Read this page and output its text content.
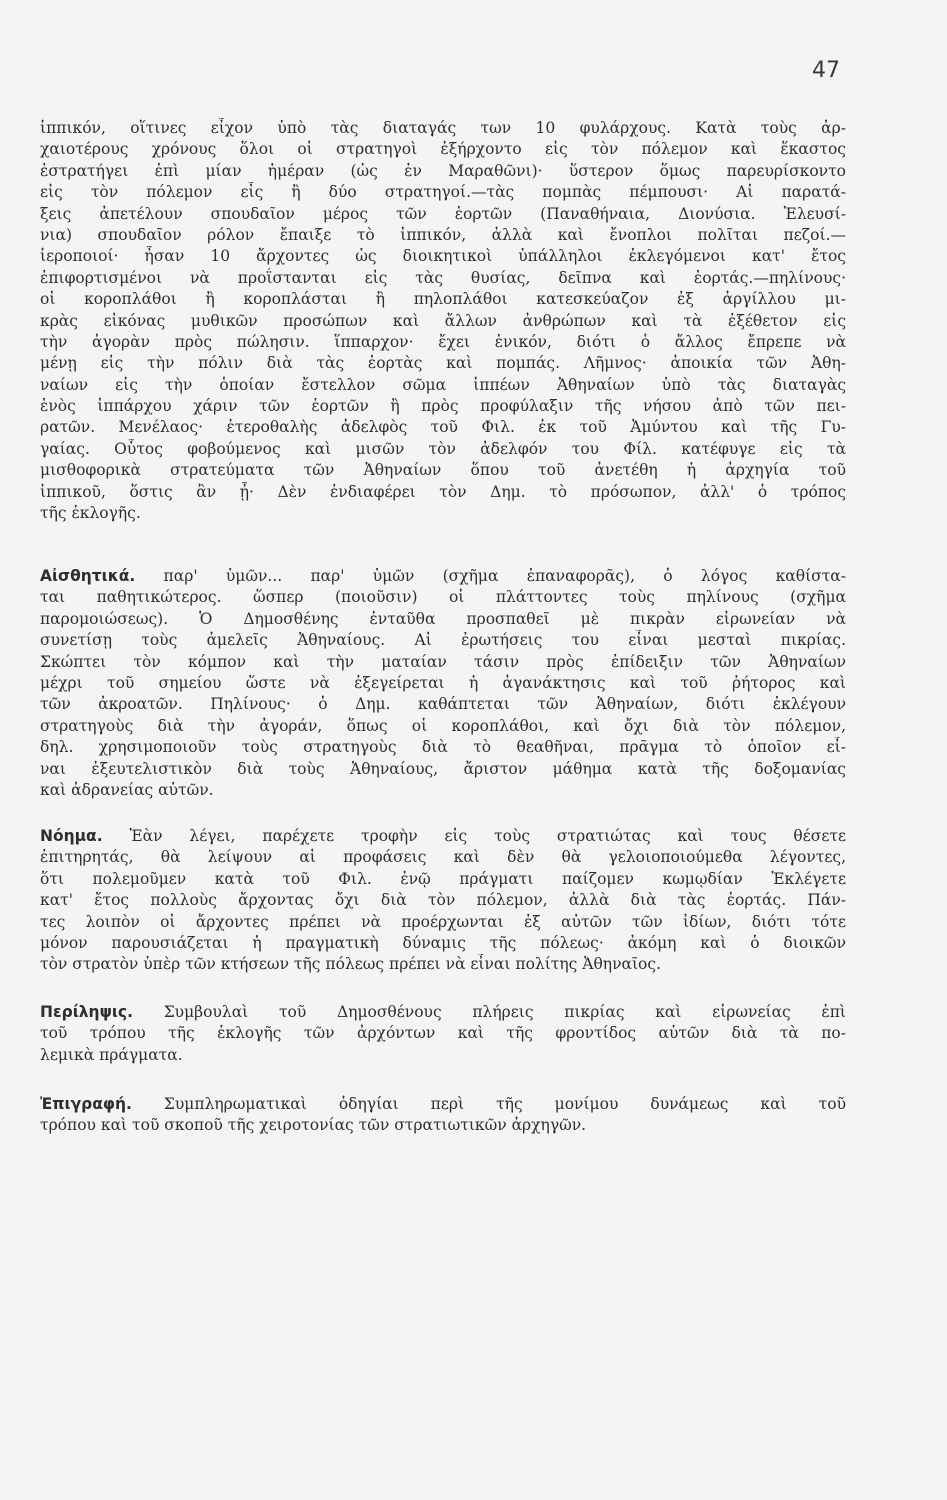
47
ἱππικόν, οἵτινες εἶχον ὑπὸ τὰς διαταγάς των 10 φυλάρχους. Κατὰ τοὺς ἀρ-
χαιοτέρους χρόνους ὅλοι οἱ στρατηγοὶ ἐξήρχοντο εἰς τὸν πόλεμον καὶ ἕκαστος
ἐστρατήγει ἐπὶ μίαν ἡμέραν (ὡς ἐν Μαραθῶνι)· ὕστερον ὅμως παρευρίσκοντο
εἰς τὸν πόλεμον εἷς ἢ δύο στρατηγοί.—τὰς πομπὰς πέμπουσι· Αἱ παρατά-
ξεις ἀπετέλουν σπουδαῖον μέρος τῶν ἑορτῶν (Παναθήναια, Διονύσια. Ἐλευσί-
νια) σπουδαῖον ρόλον ἔπαιξε τὸ ἱππικόν, ἀλλὰ καὶ ἔνοπλοι πολῖται πεζοί.—
ἱεροποιοί· ἦσαν 10 ἄρχοντες ὡς διοικητικοὶ ὑπάλληλοι ἐκλεγόμενοι κατ' ἔτος
ἐπιφορτισμένοι νὰ προΐστανται εἰς τὰς θυσίας, δεῖπνα καὶ ἑορτάς.—πηλίνους·
οἱ κοροπλάθοι ἢ κοροπλάσται ἢ πηλοπλάθοι κατεσκεύαζον ἐξ ἀργίλλου μι-
κρὰς εἰκόνας μυθικῶν προσώπων καὶ ἄλλων ἀνθρώπων καὶ τὰ ἐξέθετον εἰς
τὴν ἀγορὰν πρὸς πώλησιν. ἵππαρχον· ἔχει ἑνικόν, διότι ὁ ἄλλος ἔπρεπε νὰ
μένῃ εἰς τὴν πόλιν διὰ τὰς ἑορτὰς καὶ πομπάς. Λῆμνος· ἀποικία τῶν Ἀθη-
ναίων εἰς τὴν ὁποίαν ἔστελλον σῶμα ἱππέων Ἀθηναίων ὑπὸ τὰς διαταγὰς
ἑνὸς ἱππάρχου χάριν τῶν ἑορτῶν ἢ πρὸς προφύλαξιν τῆς νήσου ἀπὸ τῶν πει-
ρατῶν. Μενέλαος· ἑτεροθαλὴς ἀδελφὸς τοῦ Φιλ. ἐκ τοῦ Ἀμύντου καὶ τῆς Γυ-
γαίας. Οὗτος φοβούμενος καὶ μισῶν τὸν ἀδελφόν του Φίλ. κατέφυγε εἰς τὰ
μισθοφορικὰ στρατεύματα τῶν Ἀθηναίων ὅπου τοῦ ἀνετέθη ἡ ἀρχηγία τοῦ
ἱππικοῦ, ὅστις ἂν ᾖ· Δὲν ἐνδιαφέρει τὸν Δημ. τὸ πρόσωπον, ἀλλ' ὁ τρόπος
τῆς ἐκλογῆς.
Αἰσθητικά. παρ' ὑμῶν... παρ' ὑμῶν (σχῆμα ἐπαναφορᾶς), ὁ λόγος καθίστα-
ται παθητικώτερος. ὥσπερ (ποιοῦσιν) οἱ πλάττοντες τοὺς πηλίνους (σχῆμα
παρομοιώσεως). Ὁ Δημοσθένης ἐνταῦθα προσπαθεῖ μὲ πικρὰν εἰρωνείαν νὰ
συνετίσῃ τοὺς ἀμελεῖς Ἀθηναίους. Αἱ ἐρωτήσεις του εἶναι μεσταὶ πικρίας.
Σκώπτει τὸν κόμπον καὶ τὴν ματαίαν τάσιν πρὸς ἐπίδειξιν τῶν Ἀθηναίων
μέχρι τοῦ σημείου ὥστε νὰ ἐξεγείρεται ἡ ἀγανάκτησις καὶ τοῦ ῥήτορος καὶ
τῶν ἀκροατῶν. Πηλίνους· ὁ Δημ. καθάπτεται τῶν Ἀθηναίων, διότι ἐκλέγουν
στρατηγοὺς διὰ τὴν ἀγοράν, ὅπως οἱ κοροπλάθοι, καὶ ὄχι διὰ τὸν πόλεμον,
δηλ. χρησιμοποιοῦν τοὺς στρατηγοὺς διὰ τὸ θεαθῆναι, πρᾶγμα τὸ ὁποῖον εἶ-
ναι ἐξευτελιστικὸν διὰ τοὺς Ἀθηναίους, ἄριστον μάθημα κατὰ τῆς δοξομανίας
καὶ ἀδρανείας αὐτῶν.
Νόημα. Ἐὰν λέγει, παρέχετε τροφὴν εἰς τοὺς στρατιώτας καὶ τους θέσετε
ἐπιτηρητάς, θὰ λείψουν αἱ προφάσεις καὶ δὲν θὰ γελοιοποιούμεθα λέγοντες,
ὅτι πολεμοῦμεν κατὰ τοῦ Φιλ. ἐνῷ πράγματι παίζομεν κωμῳδίαν Ἐκλέγετε
κατ' ἔτος πολλοὺς ἄρχοντας ὄχι διὰ τὸν πόλεμον, ἀλλὰ διὰ τὰς ἑορτάς. Πάν-
τες λοιπὸν οἱ ἄρχοντες πρέπει νὰ προέρχωνται ἐξ αὐτῶν τῶν ἰδίων, διότι τότε
μόνον παρουσιάζεται ἡ πραγματικὴ δύναμις τῆς πόλεως· ἀκόμη καὶ ὁ διοικῶν
τὸν στρατὸν ὑπὲρ τῶν κτήσεων τῆς πόλεως πρέπει νὰ εἶναι πολίτης Ἀθηναῖος.
Περίληψις. Συμβουλαὶ τοῦ Δημοσθένους πλήρεις πικρίας καὶ εἰρωνείας ἐπὶ
τοῦ τρόπου τῆς ἐκλογῆς τῶν ἀρχόντων καὶ τῆς φροντίδος αὐτῶν διὰ τὰ πο-
λεμικὰ πράγματα.
Ἐπιγραφή. Συμπληρωματικαὶ ὁδηγίαι περὶ τῆς μονίμου δυνάμεως καὶ τοῦ
τρόπου καὶ τοῦ σκοποῦ τῆς χειροτονίας τῶν στρατιωτικῶν ἀρχηγῶν.
